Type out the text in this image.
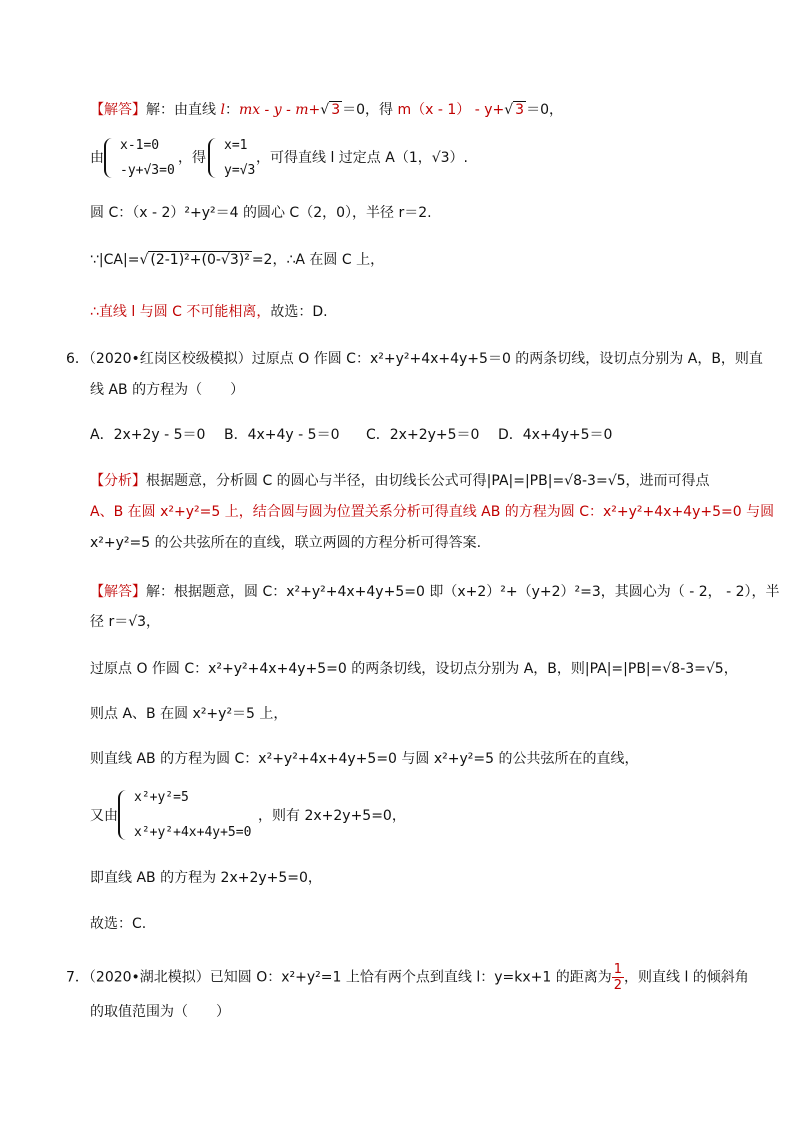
【解答】解：由直线 l：mx - y - m+√ 3 ＝0，得 m（x - 1） - y+√ 3 ＝0，
由
x-1=0
-y+√3=0
，得
x=1
y=√3
，可得直线 l 过定点 A（1，√3）.
圆 C：（x - 2）²+y²＝4 的圆心 C（2，0），半径 r＝2.
∵|CA|=√ (2-1)²+(0-√3)² =2，∴A 在圆 C 上，
∴直线 l 与圆 C 不可能相离，故选：D.
6．（2020•红岗区校级模拟）过原点 O 作圆 C：x²+y²+4x+4y+5＝0 的两条切线，设切点分别为 A，B，则直
线 AB 的方程为（　　）
A．2x+2y - 5＝0 B．4x+4y - 5＝0 C．2x+2y+5＝0 D．4x+4y+5＝0
【分析】根据题意，分析圆 C 的圆心与半径，由切线长公式可得|PA|=|PB|=√8-3=√5，进而可得点
A、B 在圆 x²+y²=5 上，结合圆与圆为位置关系分析可得直线 AB 的方程为圆 C：x²+y²+4x+4y+5=0 与圆
x²+y²=5 的公共弦所在的直线，联立两圆的方程分析可得答案.
【解答】解：根据题意，圆 C：x²+y²+4x+4y+5=0 即（x+2）²+（y+2）²=3，其圆心为（ - 2， - 2），半
径 r＝√3，
过原点 O 作圆 C：x²+y²+4x+4y+5=0 的两条切线，设切点分别为 A，B，则|PA|=|PB|=√8-3=√5，
则点 A、B 在圆 x²+y²＝5 上，
则直线 AB 的方程为圆 C：x²+y²+4x+4y+5=0 与圆 x²+y²=5 的公共弦所在的直线，
又由
x²+y²=5
x²+y²+4x+4y+5=0
，则有 2x+2y+5=0，
即直线 AB 的方程为 2x+2y+5=0，
故选：C.
7．（2020•湖北模拟）已知圆 O：x²+y²=1 上恰有两个点到直线 l：y=kx+1 的距离为 $\frac{1}{2}$ ，则直线 l 的倾斜角
的取值范围为（　　）
